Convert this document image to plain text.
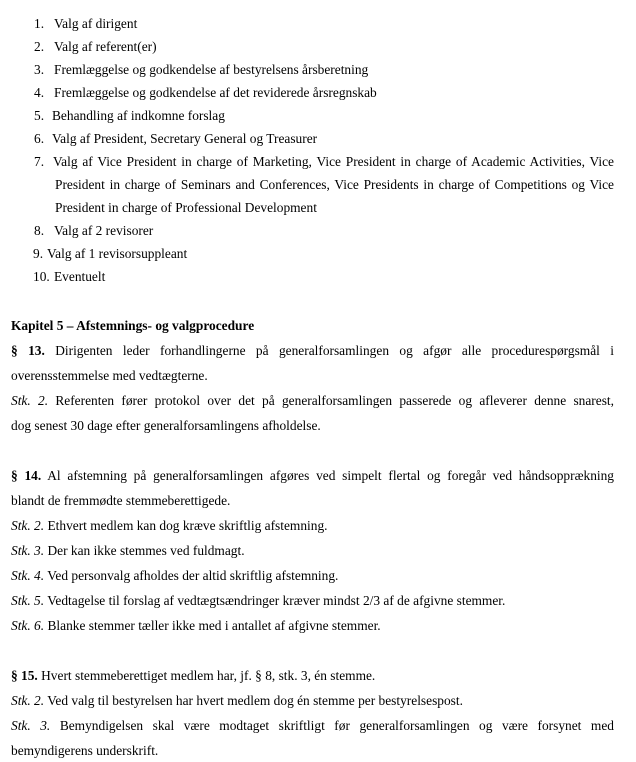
1. Valg af dirigent
2. Valg af referent(er)
3. Fremlæggelse og godkendelse af bestyrelsens årsberetning
4. Fremlæggelse og godkendelse af det reviderede årsregnskab
5. Behandling af indkomne forslag
6. Valg af President, Secretary General og Treasurer
7. Valg af Vice President in charge of Marketing, Vice President in charge of Academic Activities, Vice
President in charge of Seminars and Conferences, Vice Presidents in charge of Competitions og Vice
President in charge of Professional Development
8. Valg af 2 revisorer
9. Valg af 1 revisorsuppleant
10. Eventuelt
Kapitel 5 – Afstemnings- og valgprocedure
§ 13. Dirigenten leder forhandlingerne på generalforsamlingen og afgør alle procedurespørgsmål i
overensstemmelse med vedtægterne.
Stk. 2. Referenten fører protokol over det på generalforsamlingen passerede og afleverer denne snarest,
dog senest 30 dage efter generalforsamlingens afholdelse.
§ 14. Al afstemning på generalforsamlingen afgøres ved simpelt flertal og foregår ved håndsopprækning
blandt de fremmødte stemmeberettigede.
Stk. 2. Ethvert medlem kan dog kræve skriftlig afstemning.
Stk. 3. Der kan ikke stemmes ved fuldmagt.
Stk. 4. Ved personvalg afholdes der altid skriftlig afstemning.
Stk. 5. Vedtagelse til forslag af vedtægtsændringer kræver mindst 2/3 af de afgivne stemmer.
Stk. 6. Blanke stemmer tæller ikke med i antallet af afgivne stemmer.
§ 15. Hvert stemmeberettiget medlem har, jf. § 8, stk. 3, én stemme.
Stk. 2. Ved valg til bestyrelsen har hvert medlem dog én stemme per bestyrelsespost.
Stk. 3. Bemyndigelsen skal være modtaget skriftligt før generalforsamlingen og være forsynet med
bemyndigerens underskrift.
